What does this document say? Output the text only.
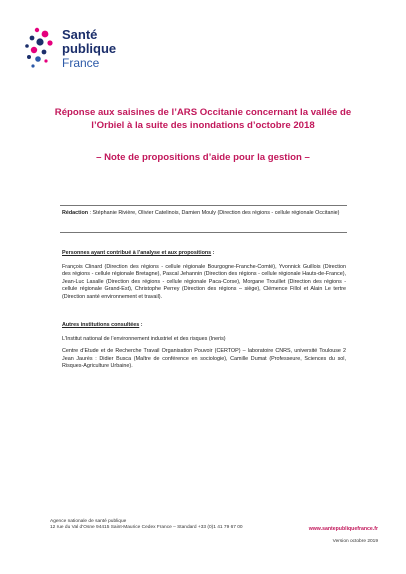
Santé
publique
France
Réponse aux saisines de l’ARS Occitanie concernant la vallée de l’Orbiel à la suite des inondations d’octobre 2018
– Note de propositions d’aide pour la gestion –

Rédaction : Stéphanie Rivière, Olivier Catelinois, Damien Mouly (Direction des régions - cellule régionale Occitanie)

Personnes ayant contribué à l’analyse et aux propositions :

François Clinard (Direction des régions - cellule régionale Bourgogne-Franche-Comté), Yvonnick Guillois (Direction des régions - cellule régionale Bretagne), Pascal Jehannin (Direction des régions - cellule régionale Hauts-de-France), Jean-Luc Lasalle (Direction des régions - cellule régionale Paca-Corse), Morgane Trouillet (Direction des régions - cellule régionale Grand-Est), Christophe Perrey (Direction des régions – siège), Clémence Fillol et Alain Le tertre (Direction santé environnement et travail).

Autres institutions consultées :

L’Institut national de l’environnement industriel et des risques (Ineris)

Centre d’Etude et de Recherche Travail Organisation Pouvoir (CERTOP) – laboratoire CNRS, université Toulouse 2 Jean Jaurès : Didier Busca (Maître de conférence en sociologie), Camille Dumat (Professeure, Sciences du sol, Risques-Agriculture Urbaine).

Agence nationale de santé publique
12 rue du Val d’Osne 94415 Saint-Maurice Cedex France – Standard +33 (0)1 41 79 67 00	www.santepubliquefrance.fr
Version octobre 2019
